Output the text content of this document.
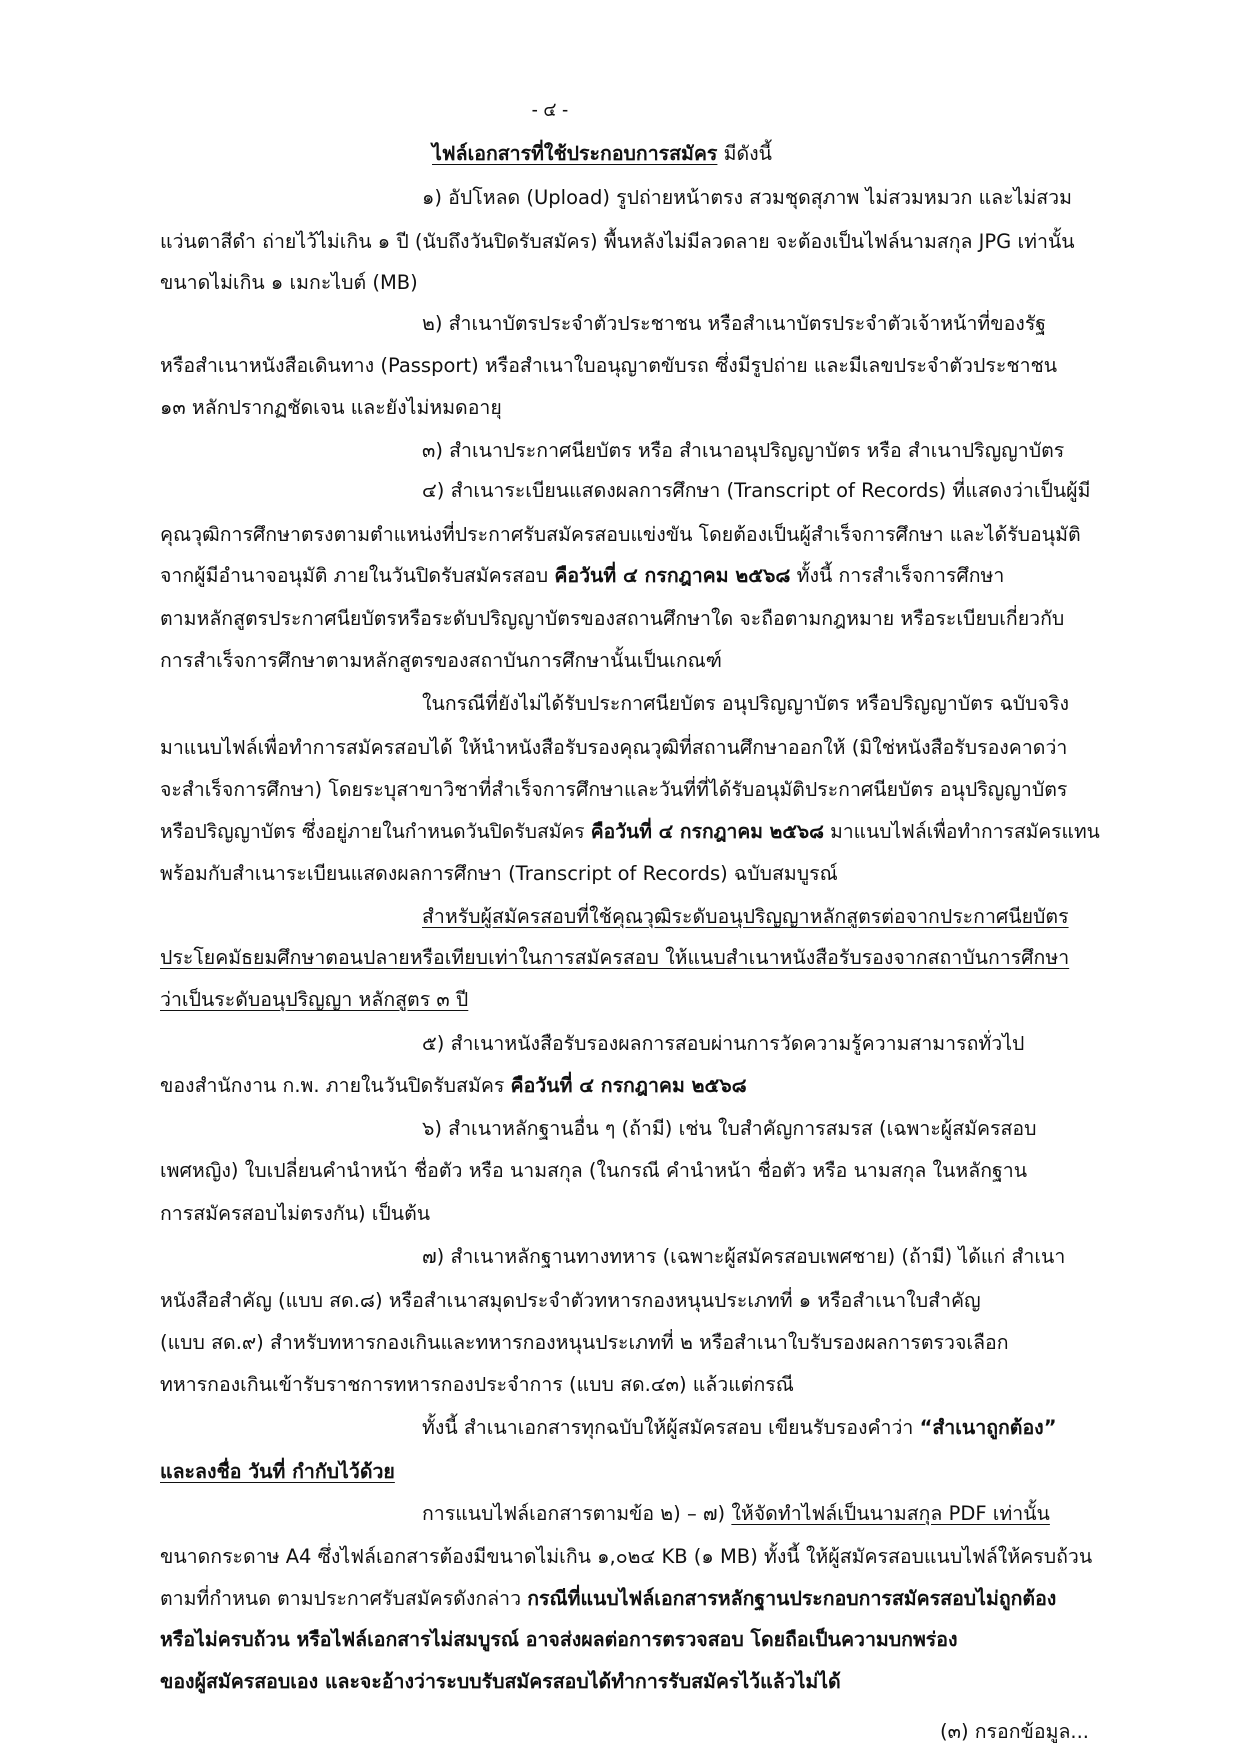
- ๔ -
ไฟล์เอกสารที่ใช้ประกอบการสมัคร มีดังนี้
๑) อัปโหลด (Upload) รูปถ่ายหน้าตรง สวมชุดสุภาพ ไม่สวมหมวก และไม่สวม
แว่นตาสีดำ ถ่ายไว้ไม่เกิน ๑ ปี (นับถึงวันปิดรับสมัคร) พื้นหลังไม่มีลวดลาย จะต้องเป็นไฟล์นามสกุล JPG เท่านั้น
ขนาดไม่เกิน ๑ เมกะไบต์ (MB)
๒) สำเนาบัตรประจำตัวประชาชน หรือสำเนาบัตรประจำตัวเจ้าหน้าที่ของรัฐ
หรือสำเนาหนังสือเดินทาง (Passport) หรือสำเนาใบอนุญาตขับรถ ซึ่งมีรูปถ่าย และมีเลขประจำตัวประชาชน
๑๓ หลักปรากฏชัดเจน และยังไม่หมดอายุ
๓) สำเนาประกาศนียบัตร หรือ สำเนาอนุปริญญาบัตร หรือ สำเนาปริญญาบัตร
๔) สำเนาระเบียนแสดงผลการศึกษา (Transcript of Records) ที่แสดงว่าเป็นผู้มี
คุณวุฒิการศึกษาตรงตามตำแหน่งที่ประกาศรับสมัครสอบแข่งขัน โดยต้องเป็นผู้สำเร็จการศึกษา และได้รับอนุมัติ
จากผู้มีอำนาจอนุมัติ ภายในวันปิดรับสมัครสอบ คือวันที่ ๔ กรกฎาคม ๒๕๖๘ ทั้งนี้ การสำเร็จการศึกษา
ตามหลักสูตรประกาศนียบัตรหรือระดับปริญญาบัตรของสถานศึกษาใด จะถือตามกฎหมาย หรือระเบียบเกี่ยวกับ
การสำเร็จการศึกษาตามหลักสูตรของสถาบันการศึกษานั้นเป็นเกณฑ์
ในกรณีที่ยังไม่ได้รับประกาศนียบัตร อนุปริญญาบัตร หรือปริญญาบัตร ฉบับจริง
มาแนบไฟล์เพื่อทำการสมัครสอบได้ ให้นำหนังสือรับรองคุณวุฒิที่สถานศึกษาออกให้ (มิใช่หนังสือรับรองคาดว่า
จะสำเร็จการศึกษา) โดยระบุสาขาวิชาที่สำเร็จการศึกษาและวันที่ที่ได้รับอนุมัติประกาศนียบัตร อนุปริญญาบัตร
หรือปริญญาบัตร ซึ่งอยู่ภายในกำหนดวันปิดรับสมัคร คือวันที่ ๔ กรกฎาคม ๒๕๖๘ มาแนบไฟล์เพื่อทำการสมัครแทน
พร้อมกับสำเนาระเบียนแสดงผลการศึกษา (Transcript of Records) ฉบับสมบูรณ์
สำหรับผู้สมัครสอบที่ใช้คุณวุฒิระดับอนุปริญญาหลักสูตรต่อจากประกาศนียบัตร
ประโยคมัธยมศึกษาตอนปลายหรือเทียบเท่าในการสมัครสอบ ให้แนบสำเนาหนังสือรับรองจากสถาบันการศึกษา
ว่าเป็นระดับอนุปริญญา หลักสูตร ๓ ปี
๕) สำเนาหนังสือรับรองผลการสอบผ่านการวัดความรู้ความสามารถทั่วไป
ของสำนักงาน ก.พ. ภายในวันปิดรับสมัคร คือวันที่ ๔ กรกฎาคม ๒๕๖๘
๖) สำเนาหลักฐานอื่น ๆ (ถ้ามี) เช่น ใบสำคัญการสมรส (เฉพาะผู้สมัครสอบ
เพศหญิง) ใบเปลี่ยนคำนำหน้า ชื่อตัว หรือ นามสกุล (ในกรณี คำนำหน้า ชื่อตัว หรือ นามสกุล ในหลักฐาน
การสมัครสอบไม่ตรงกัน) เป็นต้น
๗) สำเนาหลักฐานทางทหาร (เฉพาะผู้สมัครสอบเพศชาย) (ถ้ามี) ได้แก่ สำเนา
หนังสือสำคัญ (แบบ สด.๘) หรือสำเนาสมุดประจำตัวทหารกองหนุนประเภทที่ ๑ หรือสำเนาใบสำคัญ
(แบบ สด.๙) สำหรับทหารกองเกินและทหารกองหนุนประเภทที่ ๒ หรือสำเนาใบรับรองผลการตรวจเลือก
ทหารกองเกินเข้ารับราชการทหารกองประจำการ (แบบ สด.๔๓) แล้วแต่กรณี
ทั้งนี้ สำเนาเอกสารทุกฉบับให้ผู้สมัครสอบ เขียนรับรองคำว่า “สำเนาถูกต้อง”
และลงชื่อ วันที่ กำกับไว้ด้วย
การแนบไฟล์เอกสารตามข้อ ๒) – ๗) ให้จัดทำไฟล์เป็นนามสกุล PDF เท่านั้น
ขนาดกระดาษ A4 ซึ่งไฟล์เอกสารต้องมีขนาดไม่เกิน ๑,๐๒๔ KB (๑ MB) ทั้งนี้ ให้ผู้สมัครสอบแนบไฟล์ให้ครบถ้วน
ตามที่กำหนด ตามประกาศรับสมัครดังกล่าว กรณีที่แนบไฟล์เอกสารหลักฐานประกอบการสมัครสอบไม่ถูกต้อง
หรือไม่ครบถ้วน หรือไฟล์เอกสารไม่สมบูรณ์ อาจส่งผลต่อการตรวจสอบ โดยถือเป็นความบกพร่อง
ของผู้สมัครสอบเอง และจะอ้างว่าระบบรับสมัครสอบได้ทำการรับสมัครไว้แล้วไม่ได้
(๓) กรอกข้อมูล...
